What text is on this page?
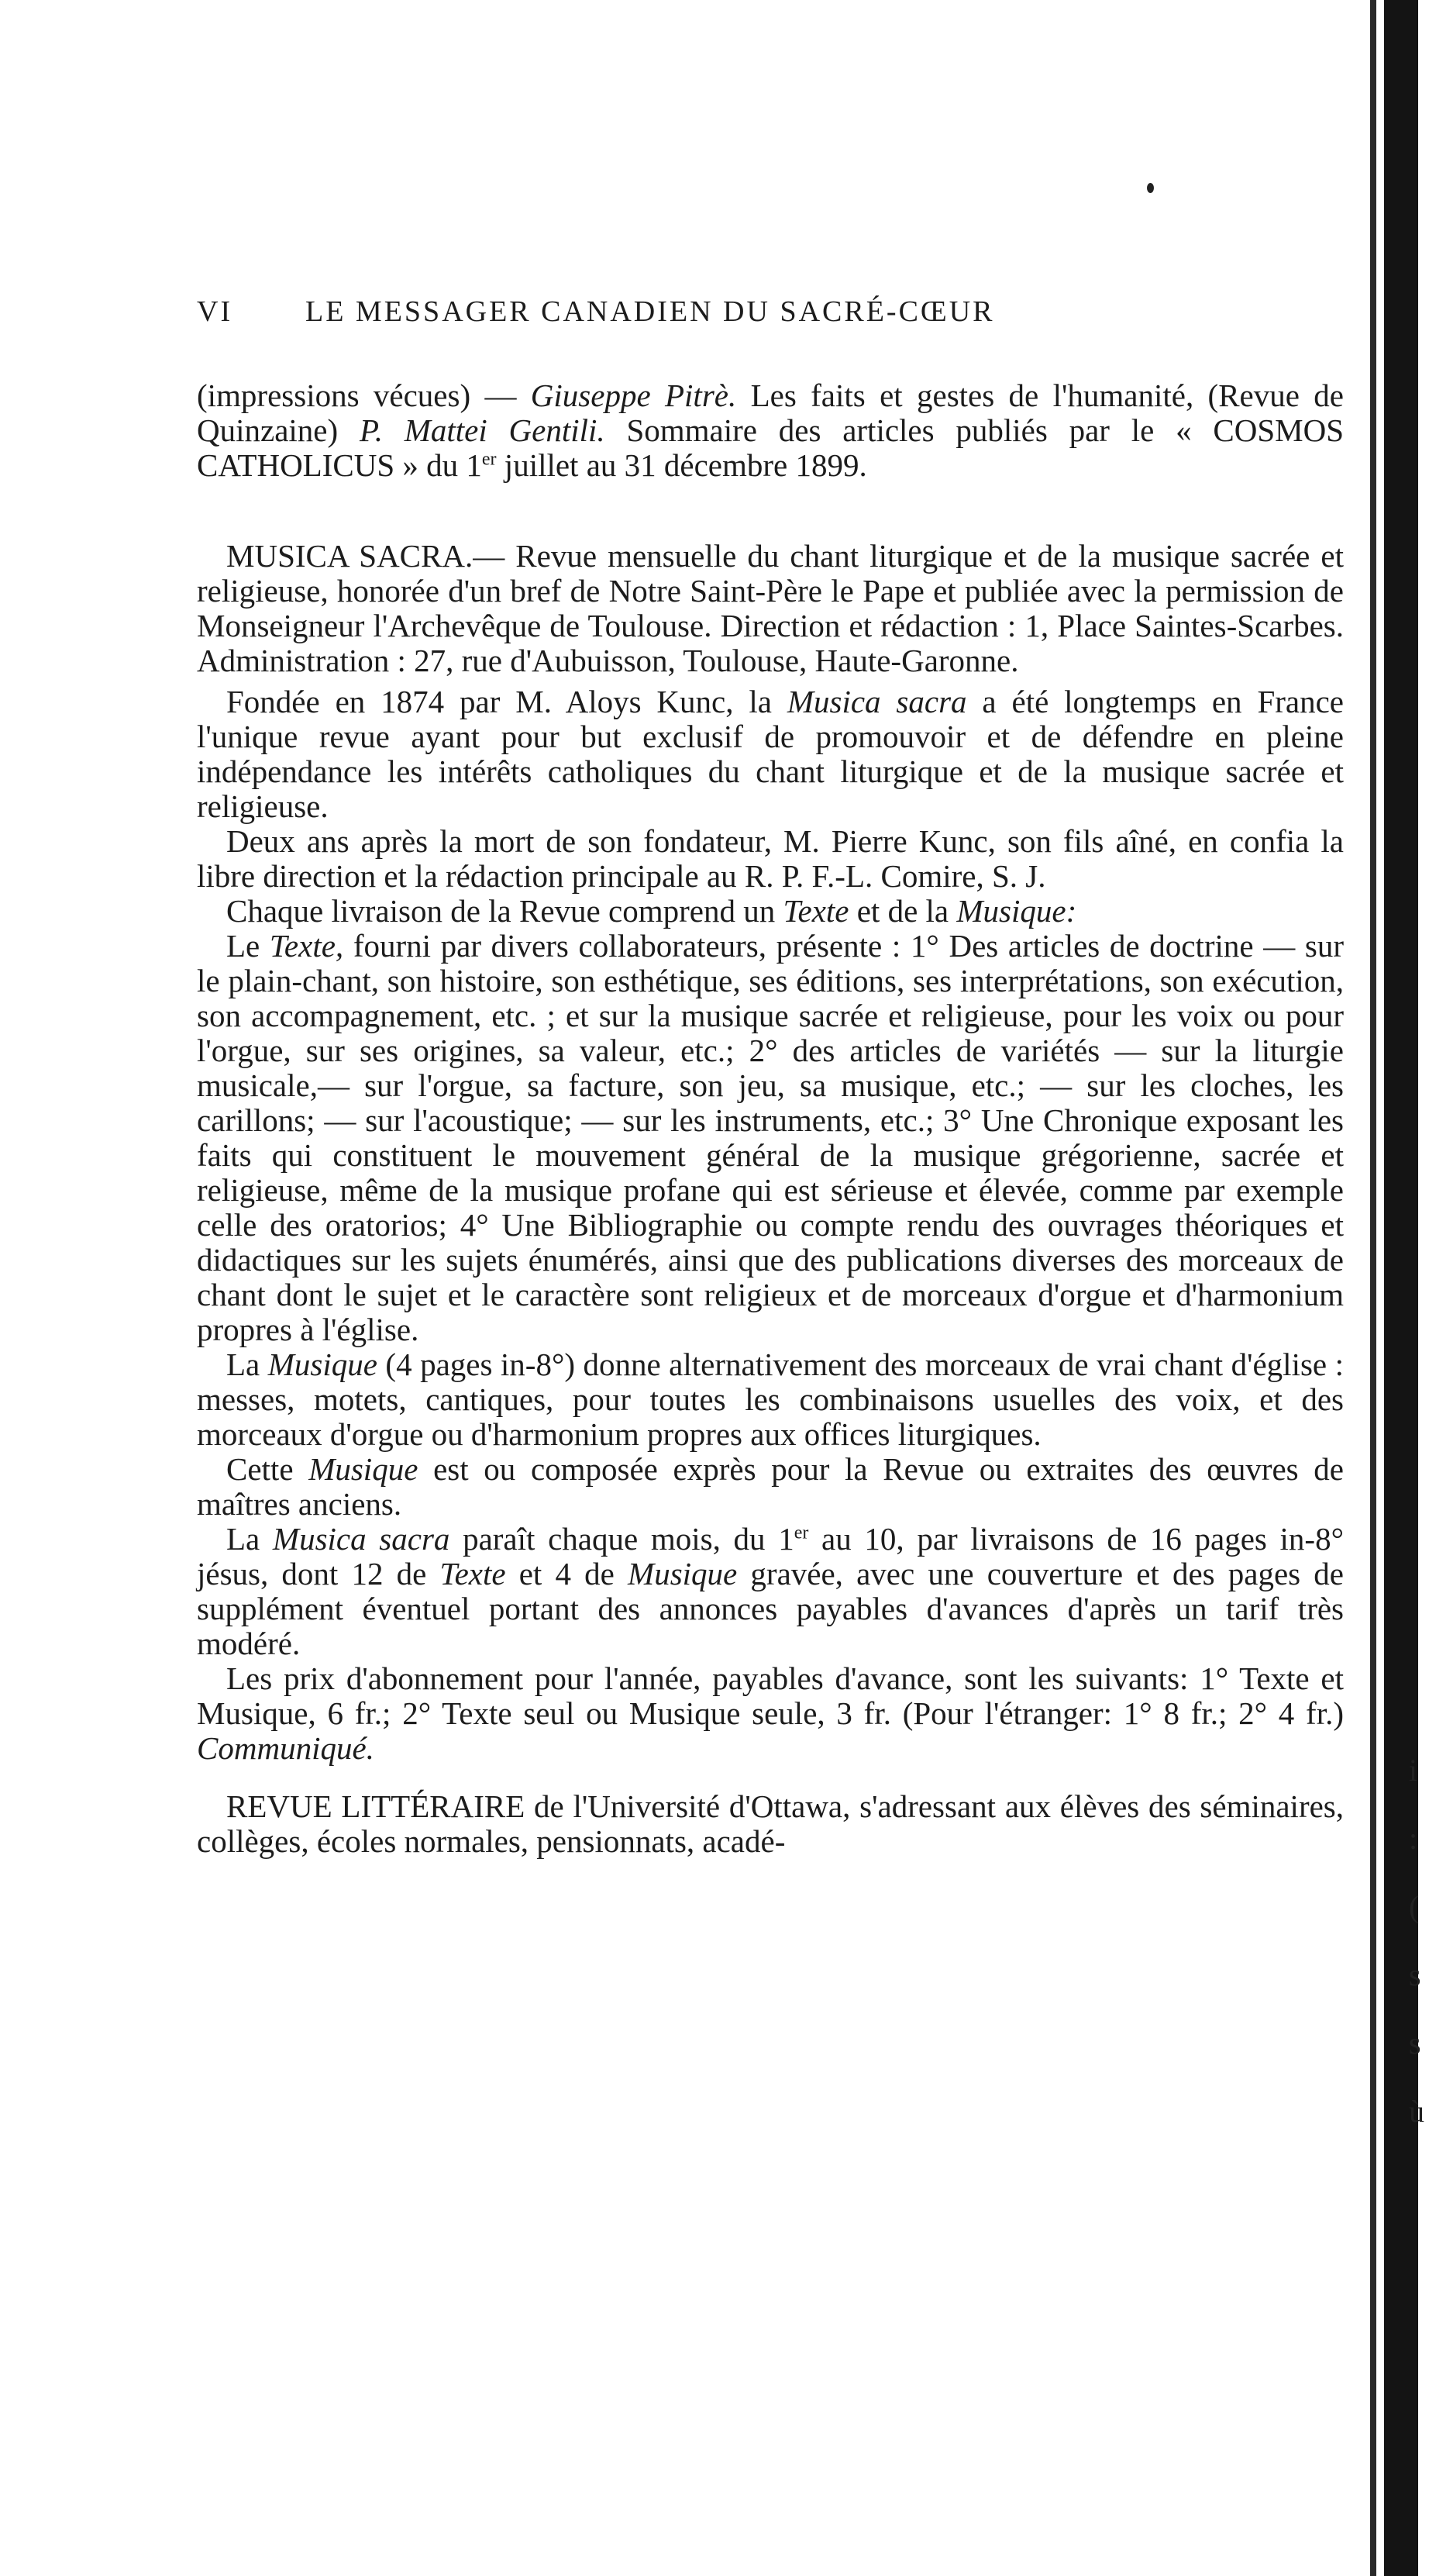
VI	LE MESSAGER CANADIEN DU SACRÉ-CŒUR

(impressions vécues) — Giuseppe Pitrè. Les faits et gestes de l'humanité, (Revue de Quinzaine) P. Mattei Gentili. Sommaire des articles publiés par le « COSMOS CATHOLICUS » du 1er juillet au 31 décembre 1899.

MUSICA SACRA.— Revue mensuelle du chant liturgique et de la musique sacrée et religieuse, honorée d'un bref de Notre Saint-Père le Pape et publiée avec la permission de Monseigneur l'Archevêque de Toulouse. Direction et rédaction : 1, Place Saintes-Scarbes. Administration : 27, rue d'Aubuisson, Toulouse, Haute-Garonne.

Fondée en 1874 par M. Aloys Kunc, la Musica sacra a été longtemps en France l'unique revue ayant pour but exclusif de promouvoir et de défendre en pleine indépendance les intérêts catholiques du chant liturgique et de la musique sacrée et religieuse.

Deux ans après la mort de son fondateur, M. Pierre Kunc, son fils aîné, en confia la libre direction et la rédaction principale au R. P. F.-L. Comire, S. J.

Chaque livraison de la Revue comprend un Texte et de la Musique:

Le Texte, fourni par divers collaborateurs, présente : 1° Des articles de doctrine — sur le plain-chant, son histoire, son esthétique, ses éditions, ses interprétations, son exécution, son accompagnement, etc. ; et sur la musique sacrée et religieuse, pour les voix ou pour l'orgue, sur ses origines, sa valeur, etc.; 2° des articles de variétés — sur la liturgie musicale,— sur l'orgue, sa facture, son jeu, sa musique, etc.; — sur les cloches, les carillons; — sur l'acoustique; — sur les instruments, etc.; 3° Une Chronique exposant les faits qui constituent le mouvement général de la musique grégorienne, sacrée et religieuse, même de la musique profane qui est sérieuse et élevée, comme par exemple celle des oratorios; 4° Une Bibliographie ou compte rendu des ouvrages théoriques et didactiques sur les sujets énumérés, ainsi que des publications diverses des morceaux de chant dont le sujet et le caractère sont religieux et de morceaux d'orgue et d'harmonium propres à l'église.

La Musique (4 pages in-8°) donne alternativement des morceaux de vrai chant d'église : messes, motets, cantiques, pour toutes les combinaisons usuelles des voix, et des morceaux d'orgue ou d'harmonium propres aux offices liturgiques.

Cette Musique est ou composée exprès pour la Revue ou extraites des œuvres de maîtres anciens.

La Musica sacra paraît chaque mois, du 1er au 10, par livraisons de 16 pages in-8° jésus, dont 12 de Texte et 4 de Musique gravée, avec une couverture et des pages de supplément éventuel portant des annonces payables d'avances d'après un tarif très modéré.

Les prix d'abonnement pour l'année, payables d'avance, sont les suivants: 1° Texte et Musique, 6 fr.; 2° Texte seul ou Musique seule, 3 fr. (Pour l'étranger: 1° 8 fr.; 2° 4 fr.) Communiqué.

REVUE LITTÉRAIRE de l'Université d'Ottawa, s'adressant aux élèves des séminaires, collèges, écoles normales, pensionnats, acadé-

i
:
(
s
s
ù
